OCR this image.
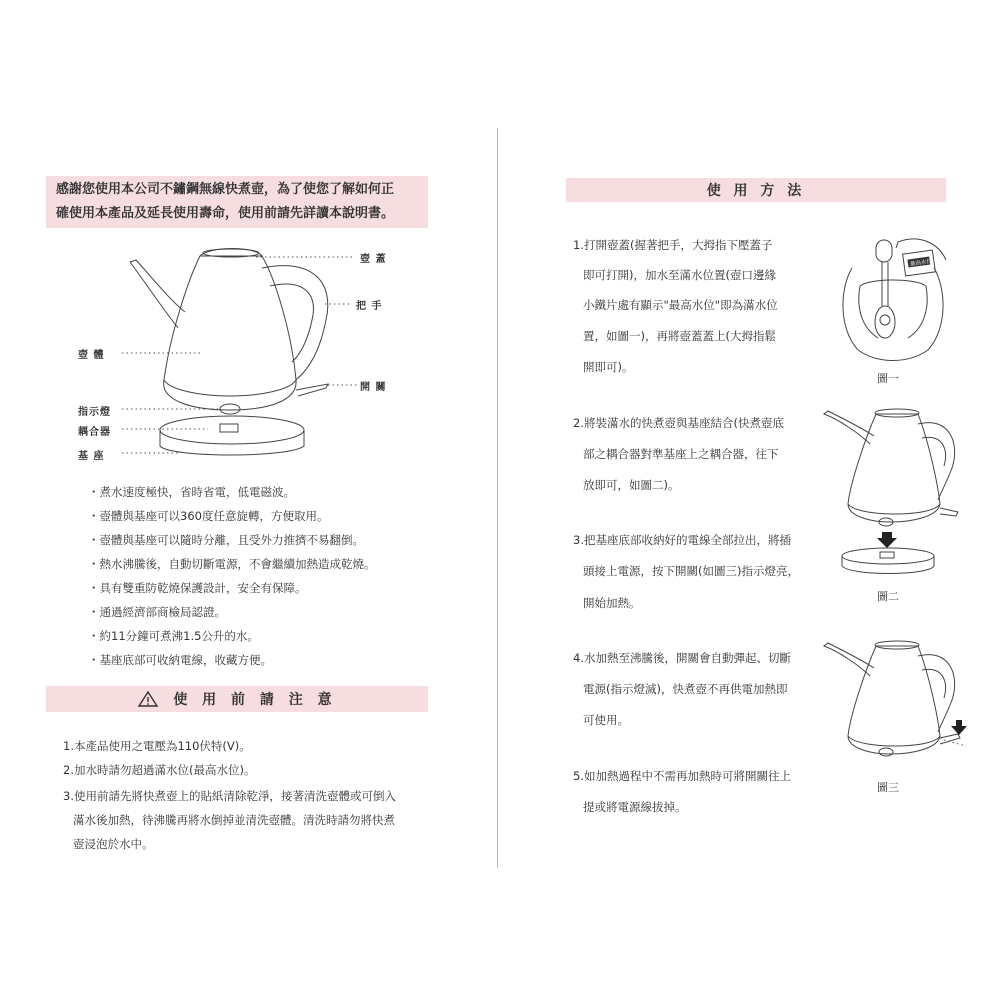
感謝您使用本公司不鏽鋼無線快煮壺，為了使您了解如何正
確使用本產品及延長使用壽命，使用前請先詳讀本說明書。
壺 蓋
把 手
壺 體
開 關
指示燈
耦合器
基 座
・煮水速度極快，省時省電，低電磁波。
・壺體與基座可以360度任意旋轉，方便取用。
・壺體與基座可以隨時分離，且受外力推擠不易翻倒。
・熱水沸騰後，自動切斷電源，不會繼續加熱造成乾燒。
・具有雙重防乾燒保護設計，安全有保障。
・通過經濟部商檢局認證。
・約11分鐘可煮沸1.5公升的水。
・基座底部可收納電線，收藏方便。
使 用 前 請 注 意
1.本產品使用之電壓為110伏特(V)。
2.加水時請勿超過滿水位(最高水位)。
3.使用前請先將快煮壺上的貼紙清除乾淨，接著清洗壺體或可倒入
滿水後加熱，待沸騰再將水倒掉並清洗壺體。清洗時請勿將快煮
壺浸泡於水中。
使 用 方 法
1.打開壺蓋(握著把手，大拇指下壓蓋子
即可打開)，加水至滿水位置(壺口邊緣
小鐵片處有顯示"最高水位"即為滿水位
置，如圖一)，再將壺蓋蓋上(大拇指鬆
開即可)。
最高水位
圖一
2.將裝滿水的快煮壺與基座結合(快煮壺底
部之耦合器對準基座上之耦合器，往下
放即可，如圖二)。
圖二
3.把基座底部收納好的電線全部拉出，將插
頭接上電源，按下開關(如圖三)指示燈亮，
開始加熱。
4.水加熱至沸騰後，開關會自動彈起、切斷
電源(指示燈滅)，快煮壺不再供電加熱即
可使用。
圖三
5.如加熱過程中不需再加熱時可將開關往上
提或將電源線拔掉。
